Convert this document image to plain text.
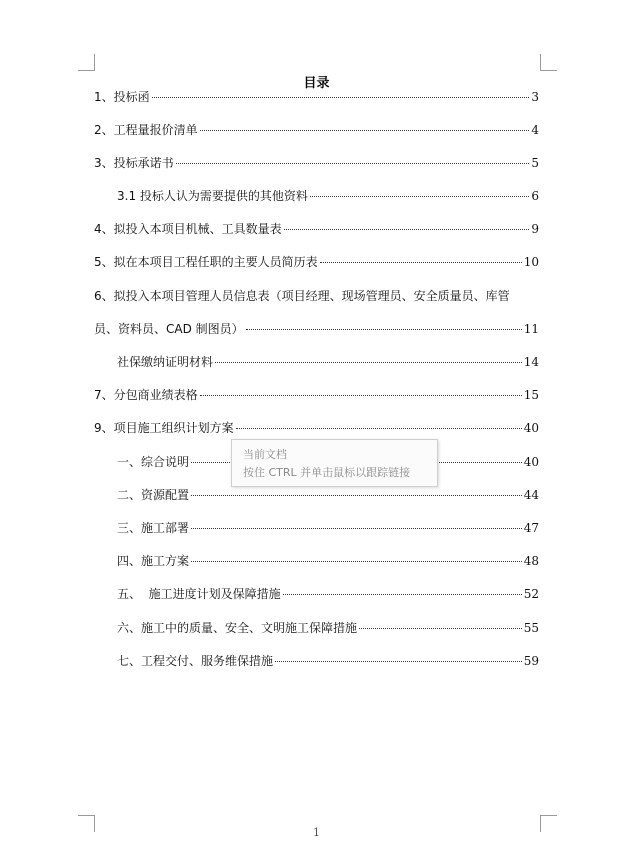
目录
1、投标函	3
2、工程量报价清单	4
3、投标承诺书	5
3.1 投标人认为需要提供的其他资料	6
4、拟投入本项目机械、工具数量表	9
5、拟在本项目工程任职的主要人员简历表	10
6、拟投入本项目管理人员信息表（项目经理、现场管理员、安全质量员、库管
员、资料员、CAD 制图员）	11
社保缴纳证明材料	14
7、分包商业绩表格	15
9、项目施工组织计划方案	40
一、综合说明	40
二、资源配置	44
三、施工部署	47
四、施工方案	48
五、  施工进度计划及保障措施	52
六、施工中的质量、安全、文明施工保障措施	55
七、工程交付、服务维保措施	59
当前文档
按住 CTRL 并单击鼠标以跟踪链接
1
